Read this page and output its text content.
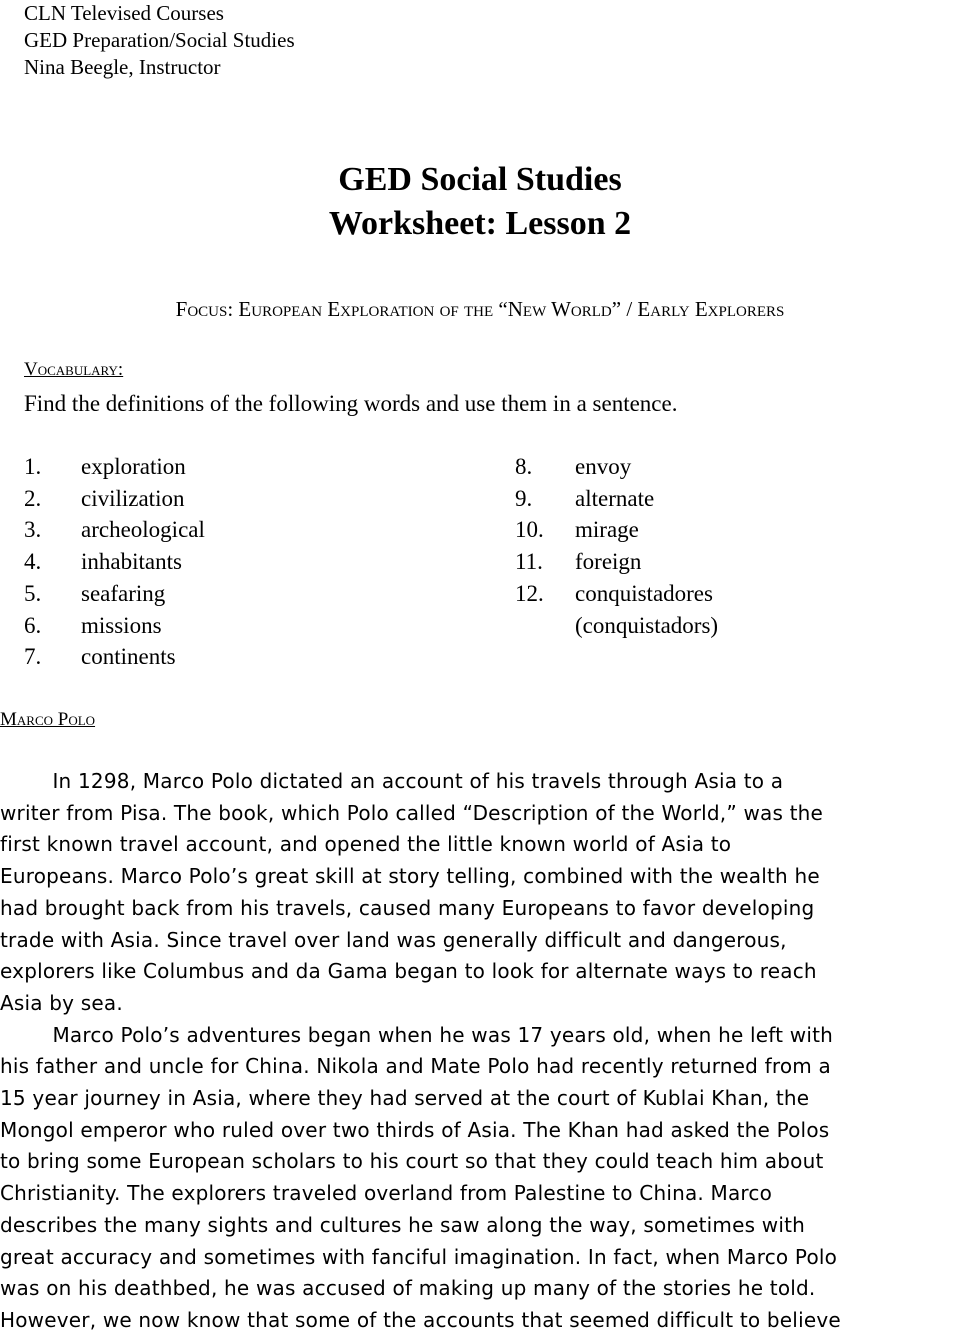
CLN Televised Courses
GED Preparation/Social Studies
Nina Beegle, Instructor
GED Social Studies
Worksheet: Lesson 2
Focus: European Exploration of the “New World” / Early Explorers
Vocabulary:
Find the definitions of the following words and use them in a sentence.
1.	exploration
2.	civilization
3.	archeological
4.	inhabitants
5.	seafaring
6.	missions
7.	continents
8.	envoy
9.	alternate
10.	mirage
11.	foreign
12.	conquistadores
(conquistadors)
Marco Polo
In 1298, Marco Polo dictated an account of his travels through Asia to a
writer from Pisa. The book, which Polo called “Description of the World,” was the
first known travel account, and opened the little known world of Asia to
Europeans. Marco Polo’s great skill at story telling, combined with the wealth he
had brought back from his travels, caused many Europeans to favor developing
trade with Asia. Since travel over land was generally difficult and dangerous,
explorers like Columbus and da Gama began to look for alternate ways to reach
Asia by sea.
Marco Polo’s adventures began when he was 17 years old, when he left with
his father and uncle for China. Nikola and Mate Polo had recently returned from a
15 year journey in Asia, where they had served at the court of Kublai Khan, the
Mongol emperor who ruled over two thirds of Asia. The Khan had asked the Polos
to bring some European scholars to his court so that they could teach him about
Christianity. The explorers traveled overland from Palestine to China. Marco
describes the many sights and cultures he saw along the way, sometimes with
great accuracy and sometimes with fanciful imagination. In fact, when Marco Polo
was on his deathbed, he was accused of making up many of the stories he told.
However, we now know that some of the accounts that seemed difficult to believe
